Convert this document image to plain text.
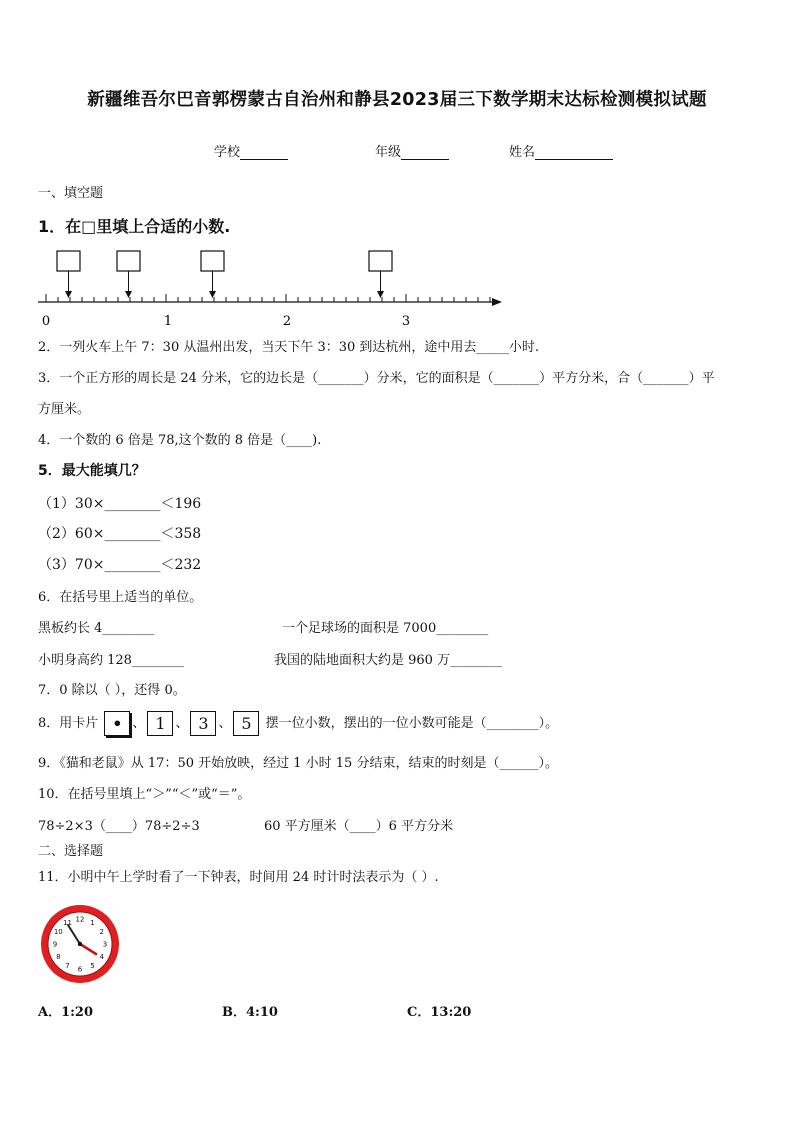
新疆维吾尔巴音郭楞蒙古自治州和静县2023届三下数学期末达标检测模拟试题
学校	年级	姓名
一、填空题
1．在□里填上合适的小数.
0	1	2	3
2．一列火车上午 7：30 从温州出发，当天下午 3：30 到达杭州，途中用去_____小时.
3．一个正方形的周长是 24 分米，它的边长是（_______）分米，它的面积是（_______）平方分米，合（_______）平
方厘米。
4．一个数的 6 倍是 78,这个数的 8 倍是（____).
5．最大能填几？
（1）30×________＜196
（2）60×________＜358
（3）70×________＜232
6．在括号里上适当的单位。
黑板约长 4________	一个足球场的面积是 7000________
小明身高约 128________	我国的陆地面积大约是 960 万________
7．0 除以（ ），还得 0。
8．用卡片 • 、 1 、 3 、 5 摆一位小数，摆出的一位小数可能是（________）。
9．《猫和老鼠》从 17：50 开始放映，经过 1 小时 15 分结束，结束的时刻是（______）。
10．在括号里填上“＞”“＜”或“＝”。
78÷2×3（____）78÷2÷3	60 平方厘米（____）6 平方分米
二、选择题
11．小明中午上学时看了一下钟表，时间用 24 时计时法表示为（ ）.
12 1
2
3
4
5
6
7
8
9
10
11
A．1:20	B．4:10	C．13:20
